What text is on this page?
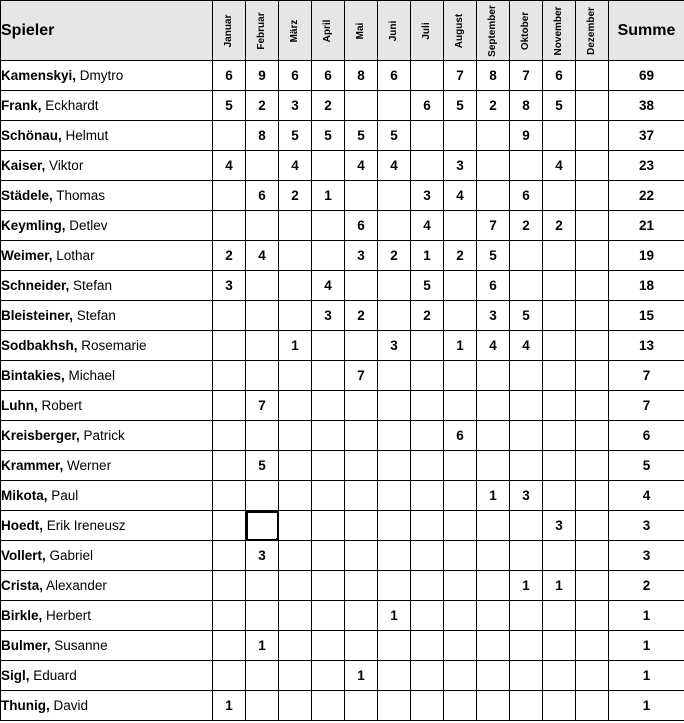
Spieler	Januar	Februar	März	April	Mai	Juni	Juli	August	September	Oktober	November	Dezember	Summe
Kamenskyi, Dmytro	6	9	6	6	8	6		7	8	7	6		69
Frank, Eckhardt	5	2	3	2			6	5	2	8	5		38
Schönau, Helmut		8	5	5	5	5				9			37
Kaiser, Viktor	4		4		4	4		3			4		23
Städele, Thomas		6	2	1			3	4		6			22
Keymling, Detlev					6		4		7	2	2		21
Weimer, Lothar	2	4			3	2	1	2	5				19
Schneider, Stefan	3			4			5		6				18
Bleisteiner, Stefan				3	2		2		3	5			15
Sodbakhsh, Rosemarie			1			3		1	4	4			13
Bintakies, Michael					7								7
Luhn, Robert		7											7
Kreisberger, Patrick								6					6
Krammer, Werner		5											5
Mikota, Paul									1	3			4
Hoedt, Erik Ireneusz											3		3
Vollert, Gabriel		3											3
Crista, Alexander										1	1		2
Birkle, Herbert						1							1
Bulmer, Susanne		1											1
Sigl, Eduard					1								1
Thunig, David	1												1
